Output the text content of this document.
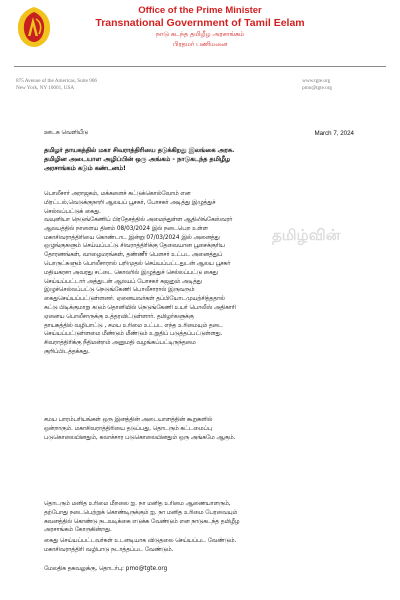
Office of the Prime Minister
Transnational Government of Tamil Eelam
நாடு கடந்த தமிழீழ அரசாங்கம்
பிரதமர் பணிமனை
875 Avenue of the Americas, Suite 906
New York, NY 10001, USA
www.tgte.org
pmo@tgte.org
ஊடக வெளியீடு	March 7, 2024
தமிழர் தாயகத்தில் மகா சிவராத்திரியை தடுக்கிறது இலங்கை அரசு.
தமிழின அடையாள அழிப்பின் ஒரு அங்கம் - நாடுகடந்த தமிழீழ
அரசாங்கம் கடும் கண்டனம்!
பொலீசார் அராஜகம், மக்களைச் சுட்டுக்கொல்வோம் என
மிரட்டல்,வெடுக்குநாறி ஆலயப் பூசகர், போசகர் அடித்து இழுத்துச்
செல்லப்பட்டுக் கைது.
வவுனியா நெடுங்கேணிப் பிரதேசத்தில் அமைந்துள்ள ஆதிலிங்கேஸ்வரர்
ஆலயத்தில் நாளைய தினம் 08/03/2024 இல் நடைபெற உள்ள
மகாசிவராத்திரியை கொண்டாட இன்று 07/03/2024 இல் அனைத்து
ஒழுங்குகளும் செய்யப்பட்டு சிவராத்திரிக்கு தேவையான பூசைக்குரிய
தோரணங்கள், வாழைமரங்கள், தண்ணீர் பௌசர் உட்பட அனைத்துப்
பொருட்களும் பொலீசாரால் பறிமுதல் செய்யப்பட்டதுடன் ஆலய பூசகர்
மதியகரசா அவரது சட்டை கொலரில் இழுத்துச் செல்லப்பட்டு கைது
செய்யப்பட்டார் அத்துடன் ஆலயப் போசகர் சுஜனும் அடித்து
இழுச்செல்லப்பட்டு நெடுங்கேணி பொலீசாரால் இருவரும்
கைதுசெய்யப்பட்டுள்ளனர். ஏனையவர்கள் தப்பியோடமுயற்சித்ததால்
சுட்டு பிடிக்குமாறு கடும் தொனியில் நெடுங்கேணி உயர் பொலீஸ் அதிகாரி
ஏனைய பொலீசாருக்கு உத்தரவிட்டுள்ளார். தமிழர்களுக்கு
தாயகத்தில் வழிபாட்டு , சமய உரிமை உட்பட எந்த உரிமையும் தடை
செய்யப்பட்டுள்ளமை மீண்டும் மீண்டும் உறுதிப் படுத்தப்பட்டுள்ளது.
சிவராத்திரிக்கு நீதிமன்றம் அனுமதி வழங்கப்பட்டிருந்தமை
குறிப்பிடத்தக்கது.
சமய பாரம்பரியங்கள் ஒரு இனத்தின் அடையாளத்தின் கூறுகளில்
ஒன்றாகும். மகாசிவராத்திரியை தடுப்பது, தொடரும் கட்டமைப்பு
படுகொலையினதும், கலாச்சார படுகொலையினதும் ஒரு அங்கமே ஆகும்.
தொடரும் மனித உரிமை மீறலை ஐ. நா மனித உரிமை ஆணையாளரும்,
தற்போது நடைபெற்றுக் கொண்டிருக்கும் ஐ. நா மனித உரிமை பேரவையும்
கவனத்தில் கொண்டு நடவடிக்கை எடுக்க வேண்டும் என நாடுகடந்த தமிழீழ
அரசாங்கம் கோருகின்றது.
கைது செய்யப்பட்டவர்கள் உடனடியாக விடுதலை செய்யப்பட வேண்டும்.
மகாசிவராத்திரி வழிபாடு நடாத்தப்பட வேண்டும்.
மேலதிக தகவலுக்கு, தொடர்பு: pmo@tgte.org
தமிழ்வின்
